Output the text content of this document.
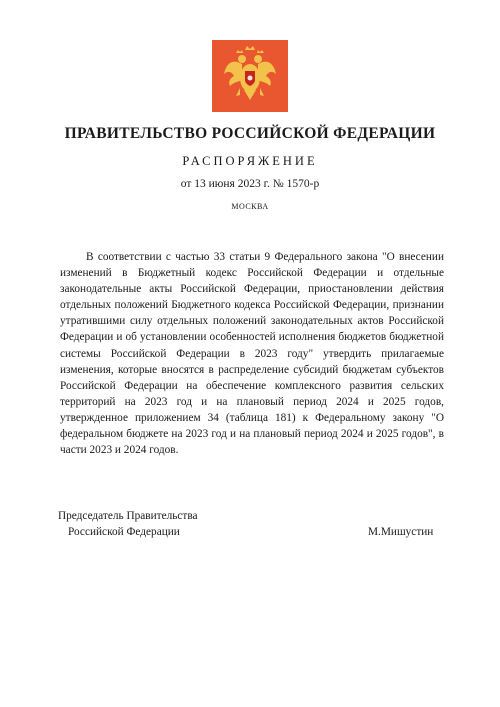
ПРАВИТЕЛЬСТВО РОССИЙСКОЙ ФЕДЕРАЦИИ
РАСПОРЯЖЕНИЕ
от 13 июня 2023 г. № 1570-р
МОСКВА

В соответствии с частью 33 статьи 9 Федерального закона "О внесении изменений в Бюджетный кодекс Российской Федерации и отдельные законодательные акты Российской Федерации, приостановлении действия отдельных положений Бюджетного кодекса Российской Федерации, признании утратившими силу отдельных положений законодательных актов Российской Федерации и об установлении особенностей исполнения бюджетов бюджетной системы Российской Федерации в 2023 году" утвердить прилагаемые изменения, которые вносятся в распределение субсидий бюджетам субъектов Российской Федерации на обеспечение комплексного развития сельских территорий на 2023 год и на плановый период 2024 и 2025 годов, утвержденное приложением 34 (таблица 181) к Федеральному закону "О федеральном бюджете на 2023 год и на плановый период 2024 и 2025 годов", в части 2023 и 2024 годов.

Председатель Правительства
Российской Федерации	М.Мишустин
